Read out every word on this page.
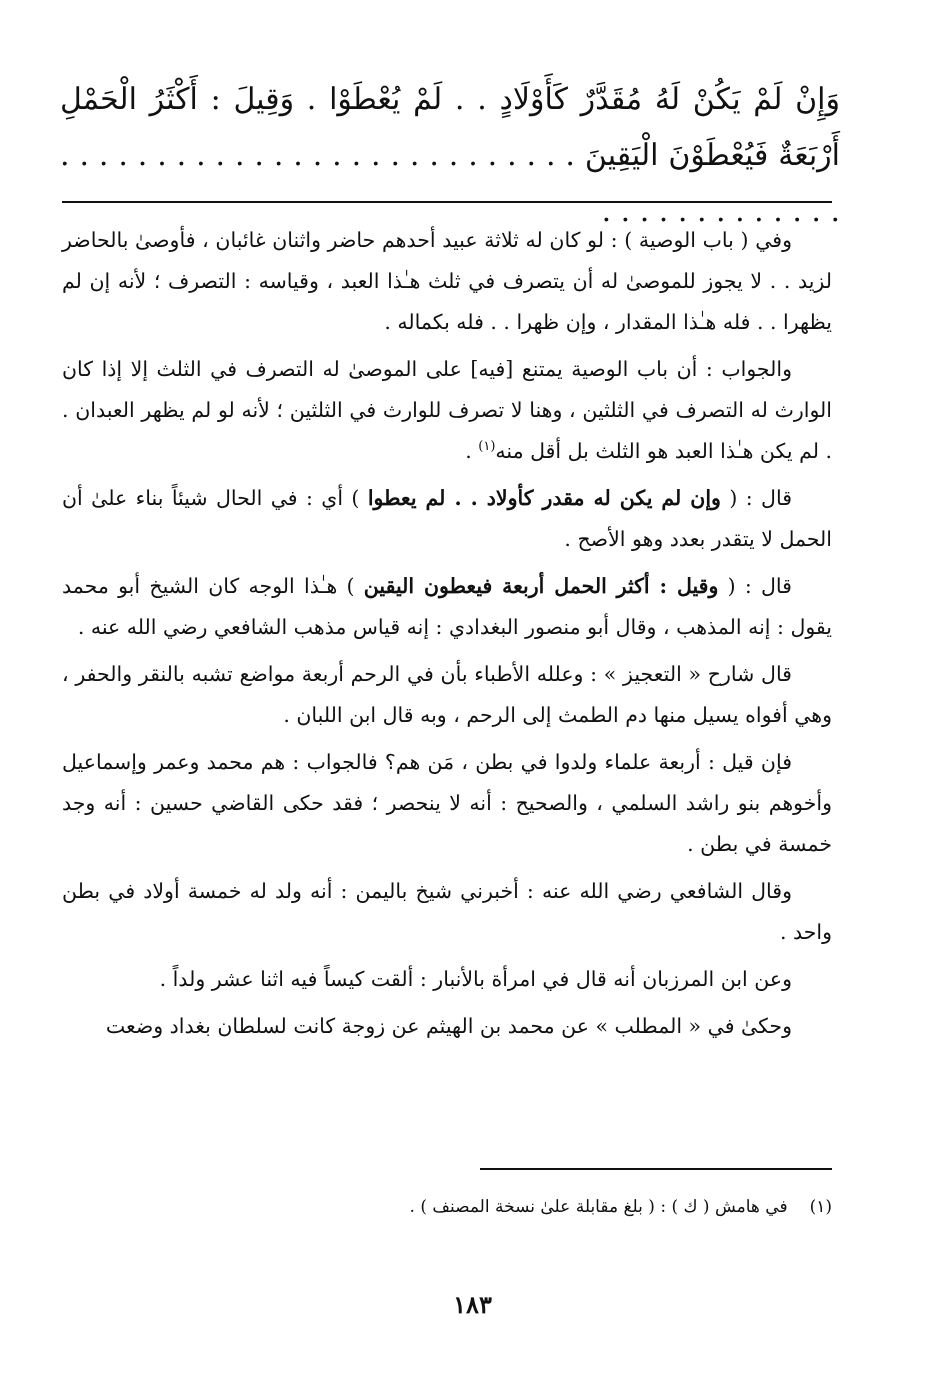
وَإِنْ لَمْ يَكُنْ لَهُ مُقَدَّرٌ كَأَوْلَادٍ . . لَمْ يُعْطَوْا . وَقِيلَ : أَكْثَرُ الْحَمْلِ أَرْبَعَةٌ فَيُعْطَوْنَ الْيَقِينَ . . . . . . . . . . . . . . . . . . . . . . . . . . . . . . . . . . . . . . . .

وفي ( باب الوصية ) : لو كان له ثلاثة عبيد أحدهم حاضر واثنان غائبان ، فأوصىٰ بالحاضر لزيد . . لا يجوز للموصىٰ له أن يتصرف في ثلث هـٰذا العبد ، وقياسه : التصرف ؛ لأنه إن لم يظهرا . . فله هـٰذا المقدار ، وإن ظهرا . . فله بكماله .

والجواب : أن باب الوصية يمتنع [فيه] على الموصىٰ له التصرف في الثلث إلا إذا كان الوارث له التصرف في الثلثين ، وهنا لا تصرف للوارث في الثلثين ؛ لأنه لو لم يظهر العبدان . . لم يكن هـٰذا العبد هو الثلث بل أقل منه$^{(١)}$ .

قال : ( وإن لم يكن له مقدر كأولاد . . لم يعطوا ) أي : في الحال شيئاً بناء علىٰ أن الحمل لا يتقدر بعدد وهو الأصح .

قال : ( وقيل : أكثر الحمل أربعة فيعطون اليقين ) هـٰذا الوجه كان الشيخ أبو محمد يقول : إنه المذهب ، وقال أبو منصور البغدادي : إنه قياس مذهب الشافعي رضي الله عنه .

قال شارح « التعجيز » : وعلله الأطباء بأن في الرحم أربعة مواضع تشبه بالنقر والحفر ، وهي أفواه يسيل منها دم الطمث إلى الرحم ، وبه قال ابن اللبان .

فإن قيل : أربعة علماء ولدوا في بطن ، مَن هم؟ فالجواب : هم محمد وعمر وإسماعيل وأخوهم بنو راشد السلمي ، والصحيح : أنه لا ينحصر ؛ فقد حكى القاضي حسين : أنه وجد خمسة في بطن .

وقال الشافعي رضي الله عنه : أخبرني شيخ باليمن : أنه ولد له خمسة أولاد في بطن واحد .

وعن ابن المرزبان أنه قال في امرأة بالأنبار : ألقت كيساً فيه اثنا عشر ولداً .

وحكىٰ في « المطلب » عن محمد بن الهيثم عن زوجة كانت لسلطان بغداد وضعت

(١)في هامش ( ك ) : ( بلغ مقابلة علىٰ نسخة المصنف ) .
١٨٣
